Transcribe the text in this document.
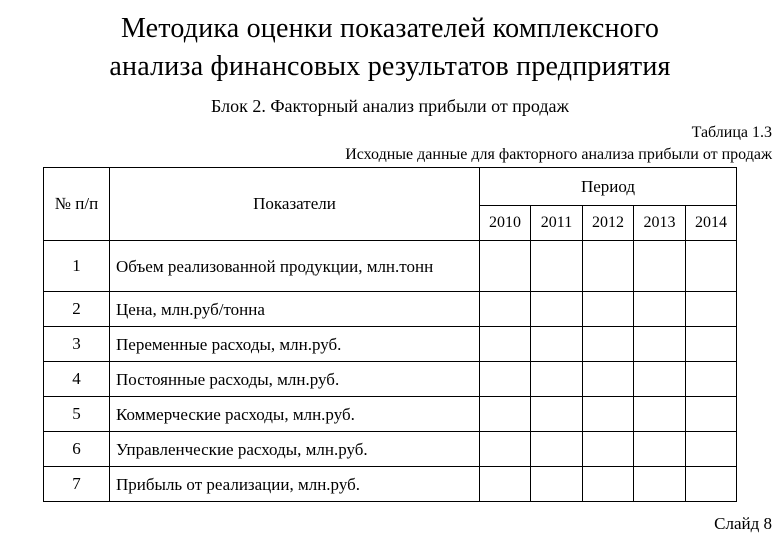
Методика оценки показателей комплексного
анализа финансовых результатов предприятия
Блок 2. Факторный анализ прибыли от продаж
Таблица 1.3
Исходные данные для факторного анализа прибыли от продаж
№ п/п	Показатели	Период				
		2010	2011	2012	2013	2014
1	Объем реализованной продукции, млн.тонн					
2	Цена, млн.руб/тонна					
3	Переменные расходы, млн.руб.					
4	Постоянные расходы, млн.руб.					
5	Коммерческие расходы, млн.руб.					
6	Управленческие расходы, млн.руб.					
7	Прибыль от реализации, млн.руб.					
Слайд 8
